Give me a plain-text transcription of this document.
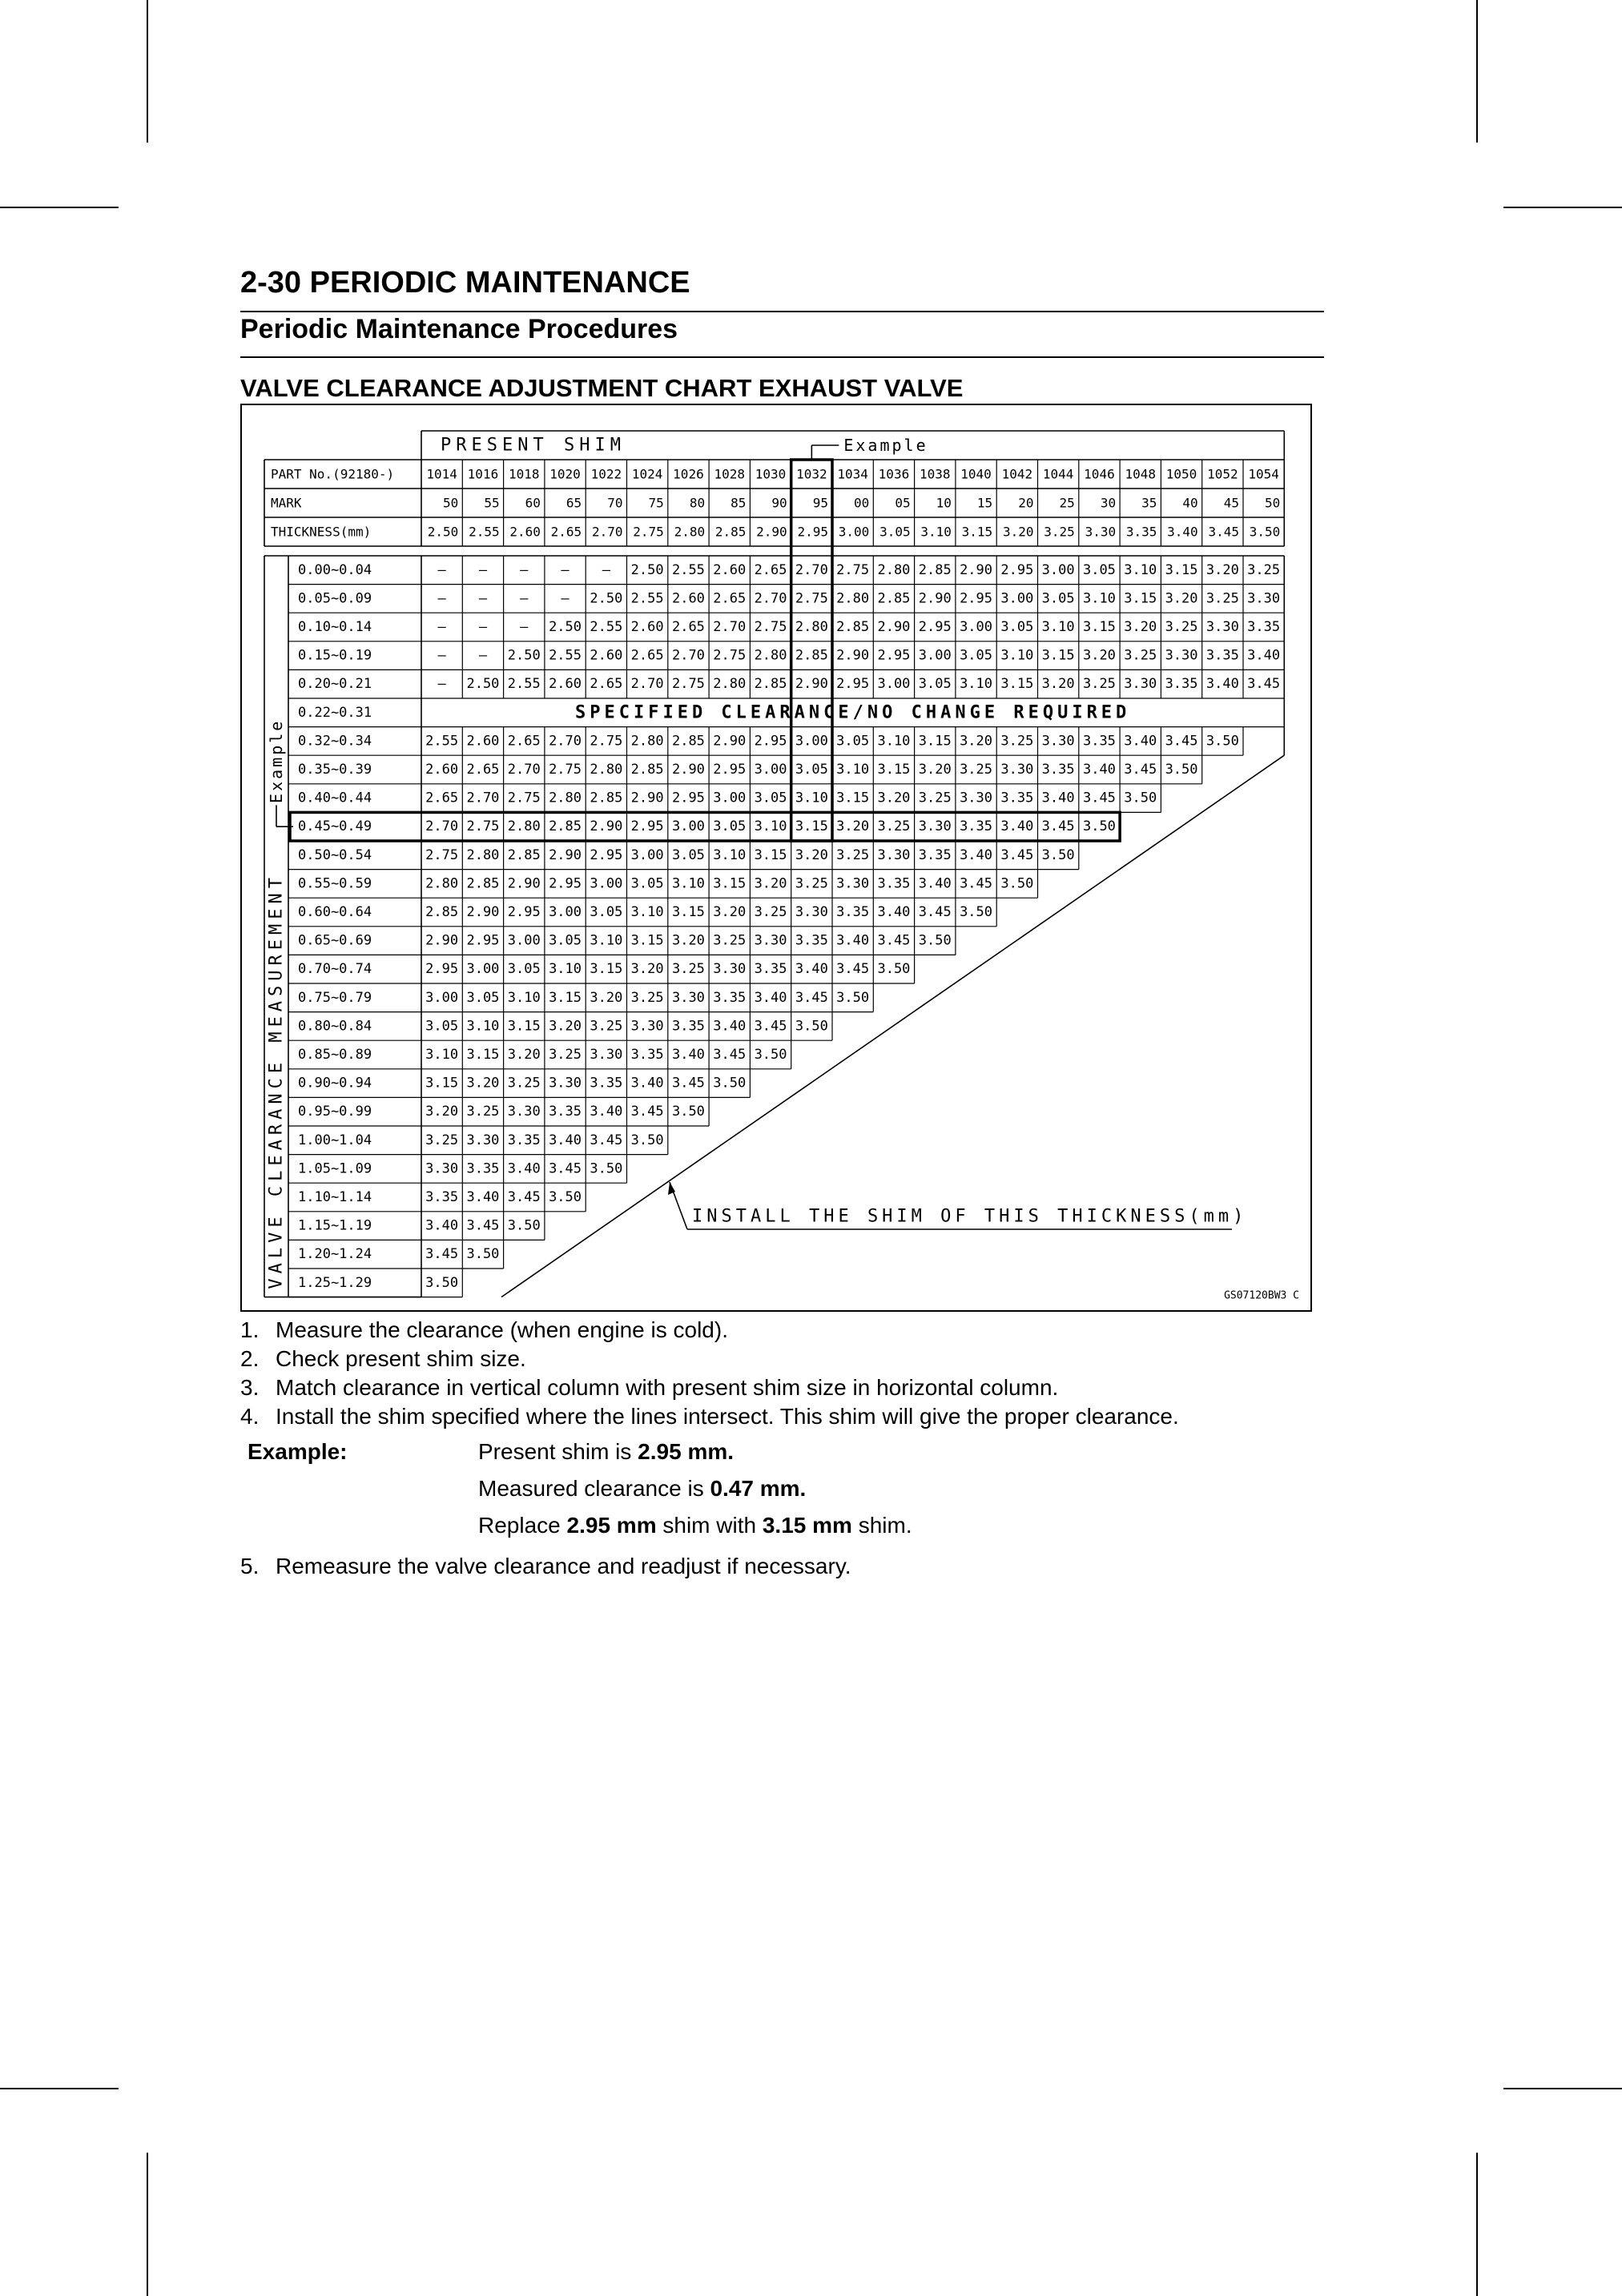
2-30 PERIODIC MAINTENANCE
Periodic Maintenance Procedures
VALVE CLEARANCE ADJUSTMENT CHART EXHAUST VALVE
PRESENT SHIM	Example
PART No.(92180-)	1014 1016 1018 1020 1022 1024 1026 1028 1030 1032 1034 1036 1038 1040 1042 1044 1046 1048 1050 1052 1054
MARK	50 55 60 65 70 75 80 85 90 95 00 05 10 15 20 25 30 35 40 45 50
THICKNESS(mm)	2.50 2.55 2.60 2.65 2.70 2.75 2.80 2.85 2.90 2.95 3.00 3.05 3.10 3.15 3.20 3.25 3.30 3.35 3.40 3.45 3.50
0.00~0.04	– – – – – 2.50 2.55 2.60 2.65 2.70 2.75 2.80 2.85 2.90 2.95 3.00 3.05 3.10 3.15 3.20 3.25
0.05~0.09	– – – – 2.50 2.55 2.60 2.65 2.70 2.75 2.80 2.85 2.90 2.95 3.00 3.05 3.10 3.15 3.20 3.25 3.30
0.10~0.14	– – – 2.50 2.55 2.60 2.65 2.70 2.75 2.80 2.85 2.90 2.95 3.00 3.05 3.10 3.15 3.20 3.25 3.30 3.35
0.15~0.19	– – 2.50 2.55 2.60 2.65 2.70 2.75 2.80 2.85 2.90 2.95 3.00 3.05 3.10 3.15 3.20 3.25 3.30 3.35 3.40
0.20~0.21	– 2.50 2.55 2.60 2.65 2.70 2.75 2.80 2.85 2.90 2.95 3.00 3.05 3.10 3.15 3.20 3.25 3.30 3.35 3.40 3.45
0.22~0.31	SPECIFIED CLEARANCE/NO CHANGE REQUIRED
0.32~0.34	2.55 2.60 2.65 2.70 2.75 2.80 2.85 2.90 2.95 3.00 3.05 3.10 3.15 3.20 3.25 3.30 3.35 3.40 3.45 3.50
0.35~0.39	2.60 2.65 2.70 2.75 2.80 2.85 2.90 2.95 3.00 3.05 3.10 3.15 3.20 3.25 3.30 3.35 3.40 3.45 3.50
0.40~0.44	2.65 2.70 2.75 2.80 2.85 2.90 2.95 3.00 3.05 3.10 3.15 3.20 3.25 3.30 3.35 3.40 3.45 3.50
0.45~0.49	2.70 2.75 2.80 2.85 2.90 2.95 3.00 3.05 3.10 3.15 3.20 3.25 3.30 3.35 3.40 3.45 3.50
0.50~0.54	2.75 2.80 2.85 2.90 2.95 3.00 3.05 3.10 3.15 3.20 3.25 3.30 3.35 3.40 3.45 3.50
0.55~0.59	2.80 2.85 2.90 2.95 3.00 3.05 3.10 3.15 3.20 3.25 3.30 3.35 3.40 3.45 3.50
0.60~0.64	2.85 2.90 2.95 3.00 3.05 3.10 3.15 3.20 3.25 3.30 3.35 3.40 3.45 3.50
0.65~0.69	2.90 2.95 3.00 3.05 3.10 3.15 3.20 3.25 3.30 3.35 3.40 3.45 3.50
0.70~0.74	2.95 3.00 3.05 3.10 3.15 3.20 3.25 3.30 3.35 3.40 3.45 3.50
0.75~0.79	3.00 3.05 3.10 3.15 3.20 3.25 3.30 3.35 3.40 3.45 3.50
0.80~0.84	3.05 3.10 3.15 3.20 3.25 3.30 3.35 3.40 3.45 3.50
0.85~0.89	3.10 3.15 3.20 3.25 3.30 3.35 3.40 3.45 3.50
0.90~0.94	3.15 3.20 3.25 3.30 3.35 3.40 3.45 3.50
0.95~0.99	3.20 3.25 3.30 3.35 3.40 3.45 3.50
1.00~1.04	3.25 3.30 3.35 3.40 3.45 3.50
1.05~1.09	3.30 3.35 3.40 3.45 3.50
1.10~1.14	3.35 3.40 3.45 3.50
1.15~1.19	3.40 3.45 3.50
1.20~1.24	3.45 3.50
1.25~1.29	3.50
VALVE CLEARANCE MEASUREMENT
Example
INSTALL THE SHIM OF THIS THICKNESS(mm)
GS07120BW3 C
1. Measure the clearance (when engine is cold).
2. Check present shim size.
3. Match clearance in vertical column with present shim size in horizontal column.
4. Install the shim specified where the lines intersect. This shim will give the proper clearance.
Example:	Present shim is 2.95 mm.
Measured clearance is 0.47 mm.
Replace 2.95 mm shim with 3.15 mm shim.
5. Remeasure the valve clearance and readjust if necessary.
